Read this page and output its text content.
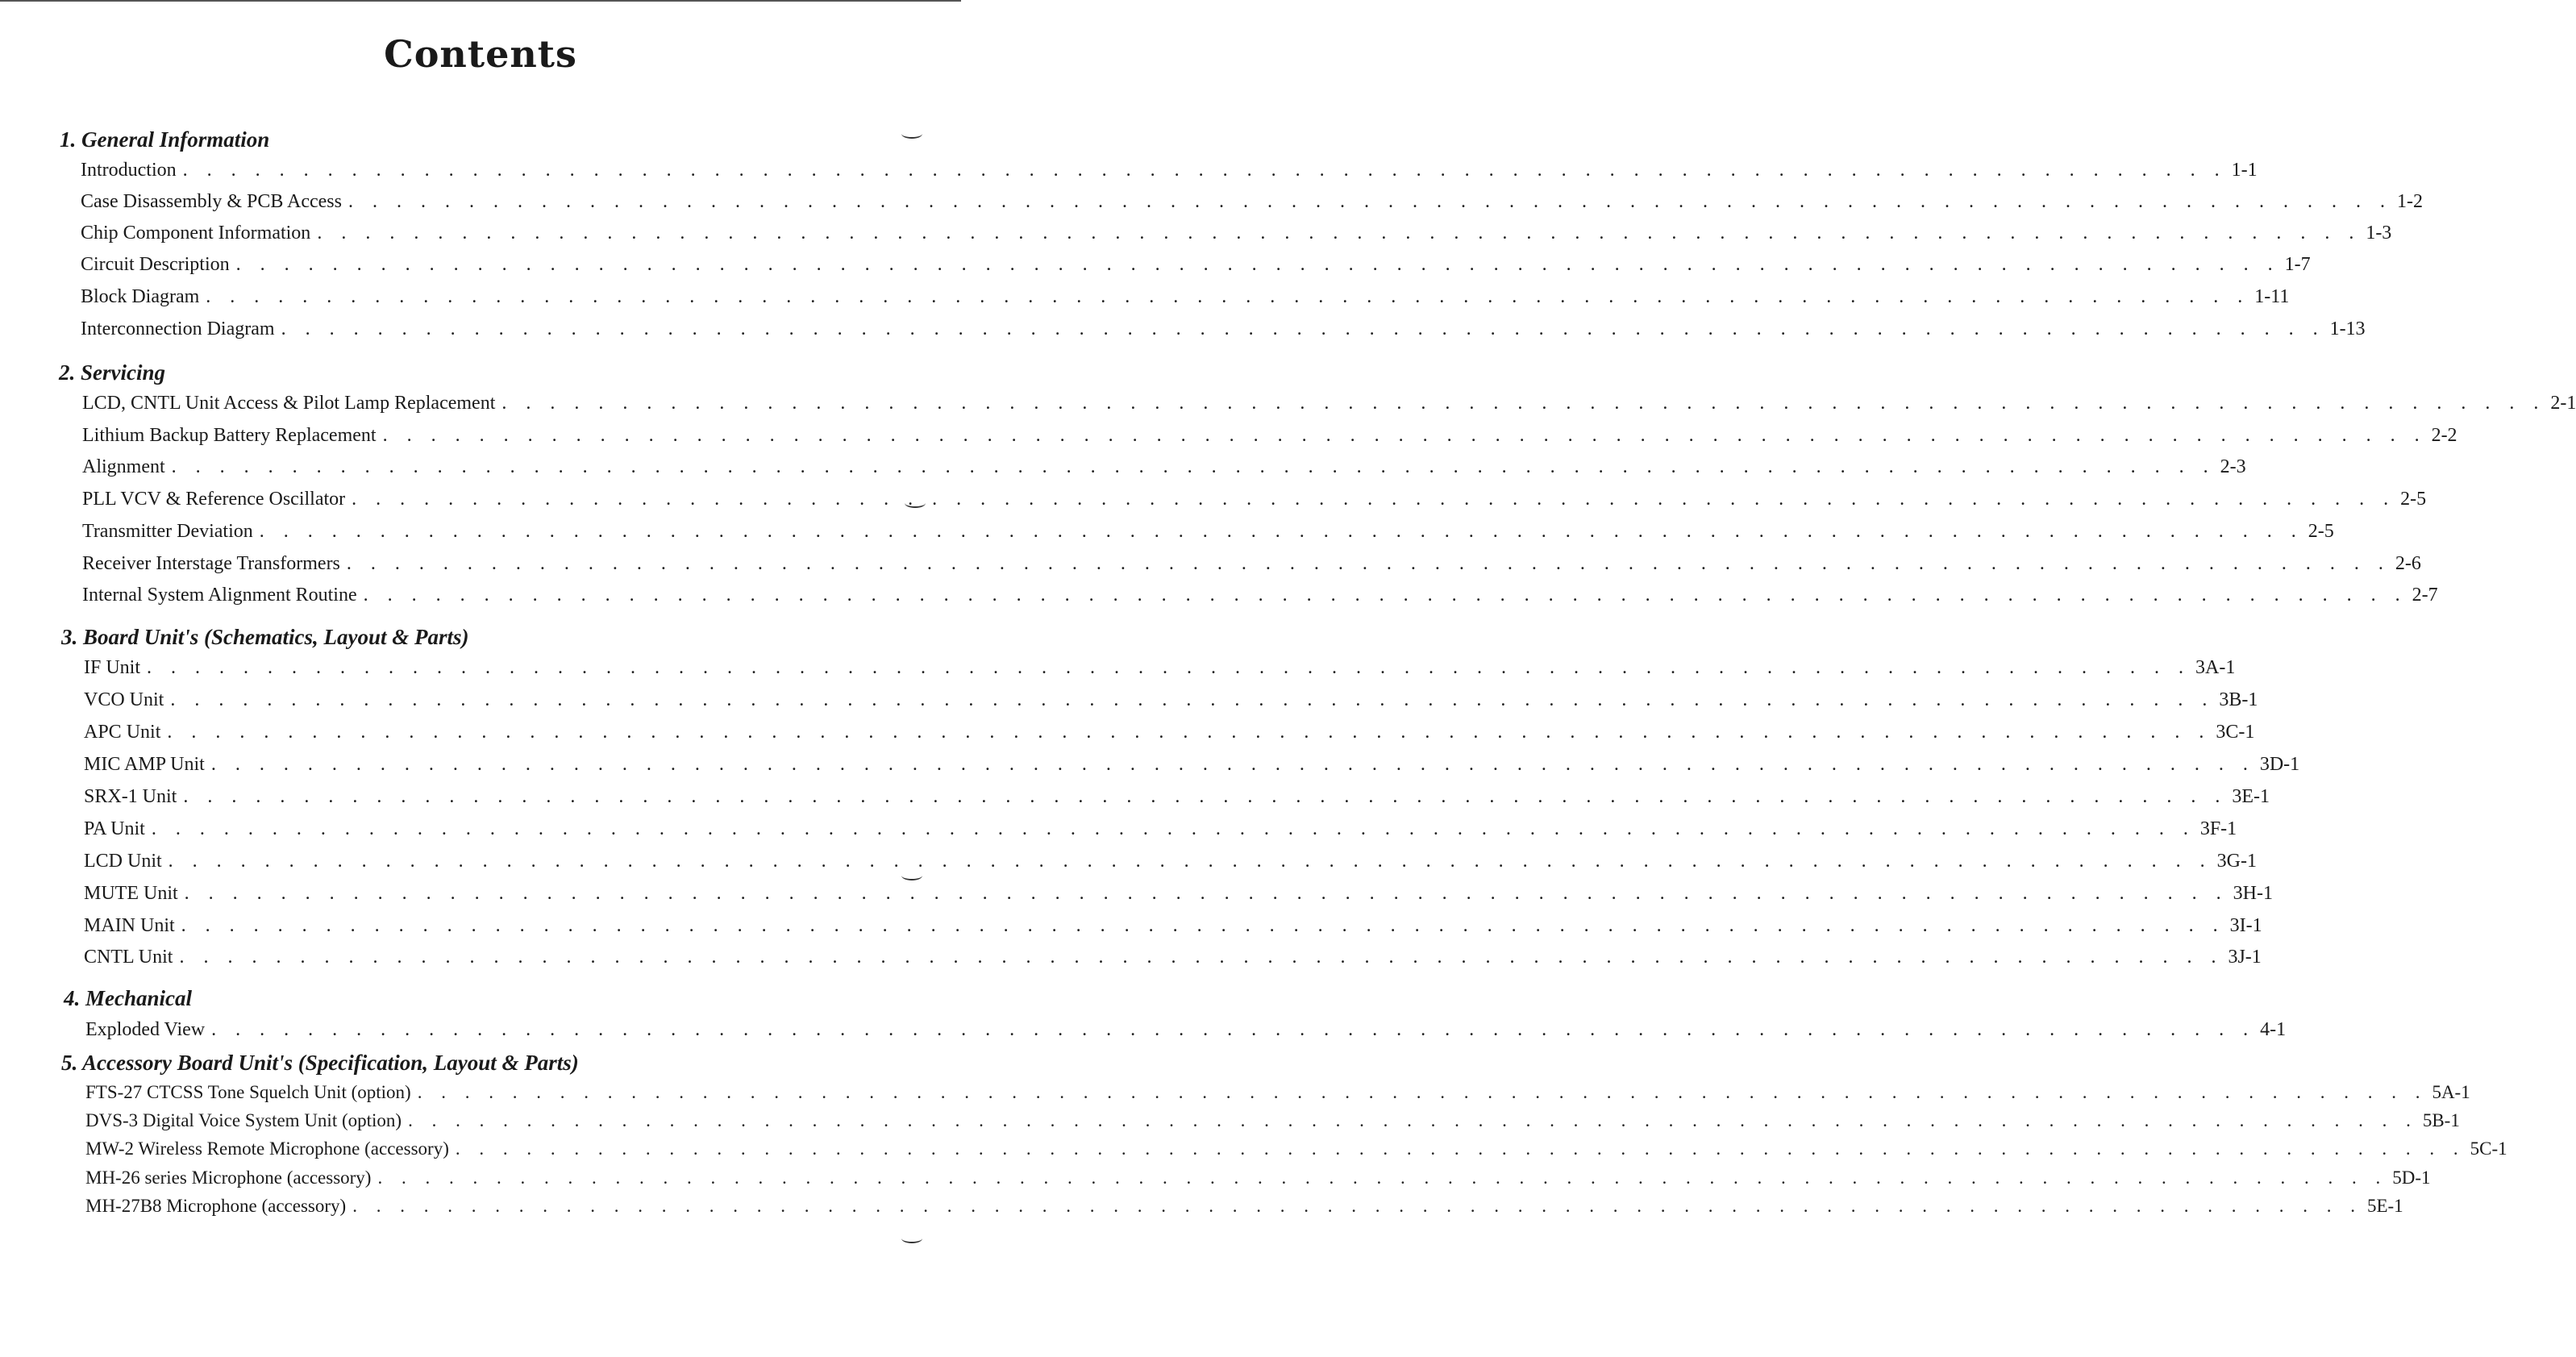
Contents
1. General Information
Introduction . . . . . . . . . . . . . . . . . . . . . . . . . . . . . . . . . . . . . . . . . . . . . . . . . . . . . . . . . . . . . . . . . . . . . . . . . . . . . . . . . . . . . 1-1
Case Disassembly & PCB Access . . . . . . . . . . . . . . . . . . . . . . . . . . . . . . . . . . . . . . . . . . . . . . . . . . . . . . . . . . . . . . . . . . . . . . . . . . . . . . . . . . . . . 1-2
Chip Component Information . . . . . . . . . . . . . . . . . . . . . . . . . . . . . . . . . . . . . . . . . . . . . . . . . . . . . . . . . . . . . . . . . . . . . . . . . . . . . . . . . . . . . 1-3
Circuit Description . . . . . . . . . . . . . . . . . . . . . . . . . . . . . . . . . . . . . . . . . . . . . . . . . . . . . . . . . . . . . . . . . . . . . . . . . . . . . . . . . . . . . 1-7
Block Diagram . . . . . . . . . . . . . . . . . . . . . . . . . . . . . . . . . . . . . . . . . . . . . . . . . . . . . . . . . . . . . . . . . . . . . . . . . . . . . . . . . . . . . 1-11
Interconnection Diagram . . . . . . . . . . . . . . . . . . . . . . . . . . . . . . . . . . . . . . . . . . . . . . . . . . . . . . . . . . . . . . . . . . . . . . . . . . . . . . . . . . . . . 1-13
2. Servicing
LCD, CNTL Unit Access & Pilot Lamp Replacement . . . . . . . . . . . . . . . . . . . . . . . . . . . . . . . . . . . . . . . . . . . . . . . . . . . . . . . . . . . . . . . . . . . . . . . . . . . . . . . . . . . . . 2-1
Lithium Backup Battery Replacement . . . . . . . . . . . . . . . . . . . . . . . . . . . . . . . . . . . . . . . . . . . . . . . . . . . . . . . . . . . . . . . . . . . . . . . . . . . . . . . . . . . . . 2-2
Alignment . . . . . . . . . . . . . . . . . . . . . . . . . . . . . . . . . . . . . . . . . . . . . . . . . . . . . . . . . . . . . . . . . . . . . . . . . . . . . . . . . . . . . 2-3
PLL VCV & Reference Oscillator . . . . . . . . . . . . . . . . . . . . . . . . . . . . . . . . . . . . . . . . . . . . . . . . . . . . . . . . . . . . . . . . . . . . . . . . . . . . . . . . . . . . . 2-5
Transmitter Deviation . . . . . . . . . . . . . . . . . . . . . . . . . . . . . . . . . . . . . . . . . . . . . . . . . . . . . . . . . . . . . . . . . . . . . . . . . . . . . . . . . . . . . 2-5
Receiver Interstage Transformers . . . . . . . . . . . . . . . . . . . . . . . . . . . . . . . . . . . . . . . . . . . . . . . . . . . . . . . . . . . . . . . . . . . . . . . . . . . . . . . . . . . . . 2-6
Internal System Alignment Routine . . . . . . . . . . . . . . . . . . . . . . . . . . . . . . . . . . . . . . . . . . . . . . . . . . . . . . . . . . . . . . . . . . . . . . . . . . . . . . . . . . . . . 2-7
3. Board Unit's (Schematics, Layout & Parts)
IF Unit . . . . . . . . . . . . . . . . . . . . . . . . . . . . . . . . . . . . . . . . . . . . . . . . . . . . . . . . . . . . . . . . . . . . . . . . . . . . . . . . . . . . . 3A-1
VCO Unit . . . . . . . . . . . . . . . . . . . . . . . . . . . . . . . . . . . . . . . . . . . . . . . . . . . . . . . . . . . . . . . . . . . . . . . . . . . . . . . . . . . . . 3B-1
APC Unit . . . . . . . . . . . . . . . . . . . . . . . . . . . . . . . . . . . . . . . . . . . . . . . . . . . . . . . . . . . . . . . . . . . . . . . . . . . . . . . . . . . . . 3C-1
MIC AMP Unit . . . . . . . . . . . . . . . . . . . . . . . . . . . . . . . . . . . . . . . . . . . . . . . . . . . . . . . . . . . . . . . . . . . . . . . . . . . . . . . . . . . . . 3D-1
SRX-1 Unit . . . . . . . . . . . . . . . . . . . . . . . . . . . . . . . . . . . . . . . . . . . . . . . . . . . . . . . . . . . . . . . . . . . . . . . . . . . . . . . . . . . . . 3E-1
PA Unit . . . . . . . . . . . . . . . . . . . . . . . . . . . . . . . . . . . . . . . . . . . . . . . . . . . . . . . . . . . . . . . . . . . . . . . . . . . . . . . . . . . . . 3F-1
LCD Unit . . . . . . . . . . . . . . . . . . . . . . . . . . . . . . . . . . . . . . . . . . . . . . . . . . . . . . . . . . . . . . . . . . . . . . . . . . . . . . . . . . . . . 3G-1
MUTE Unit . . . . . . . . . . . . . . . . . . . . . . . . . . . . . . . . . . . . . . . . . . . . . . . . . . . . . . . . . . . . . . . . . . . . . . . . . . . . . . . . . . . . . 3H-1
MAIN Unit . . . . . . . . . . . . . . . . . . . . . . . . . . . . . . . . . . . . . . . . . . . . . . . . . . . . . . . . . . . . . . . . . . . . . . . . . . . . . . . . . . . . . 3I-1
CNTL Unit . . . . . . . . . . . . . . . . . . . . . . . . . . . . . . . . . . . . . . . . . . . . . . . . . . . . . . . . . . . . . . . . . . . . . . . . . . . . . . . . . . . . . 3J-1
4. Mechanical
Exploded View . . . . . . . . . . . . . . . . . . . . . . . . . . . . . . . . . . . . . . . . . . . . . . . . . . . . . . . . . . . . . . . . . . . . . . . . . . . . . . . . . . . . . 4-1
5. Accessory Board Unit's (Specification, Layout & Parts)
FTS-27 CTCSS Tone Squelch Unit (option) . . . . . . . . . . . . . . . . . . . . . . . . . . . . . . . . . . . . . . . . . . . . . . . . . . . . . . . . . . . . . . . . . . . . . . . . . . . . . . . . . . . . . 5A-1
DVS-3 Digital Voice System Unit (option) . . . . . . . . . . . . . . . . . . . . . . . . . . . . . . . . . . . . . . . . . . . . . . . . . . . . . . . . . . . . . . . . . . . . . . . . . . . . . . . . . . . . . 5B-1
MW-2 Wireless Remote Microphone (accessory) . . . . . . . . . . . . . . . . . . . . . . . . . . . . . . . . . . . . . . . . . . . . . . . . . . . . . . . . . . . . . . . . . . . . . . . . . . . . . . . . . . . . . 5C-1
MH-26 series Microphone (accessory) . . . . . . . . . . . . . . . . . . . . . . . . . . . . . . . . . . . . . . . . . . . . . . . . . . . . . . . . . . . . . . . . . . . . . . . . . . . . . . . . . . . . . 5D-1
MH-27B8 Microphone (accessory) . . . . . . . . . . . . . . . . . . . . . . . . . . . . . . . . . . . . . . . . . . . . . . . . . . . . . . . . . . . . . . . . . . . . . . . . . . . . . . . . . . . . . 5E-1
